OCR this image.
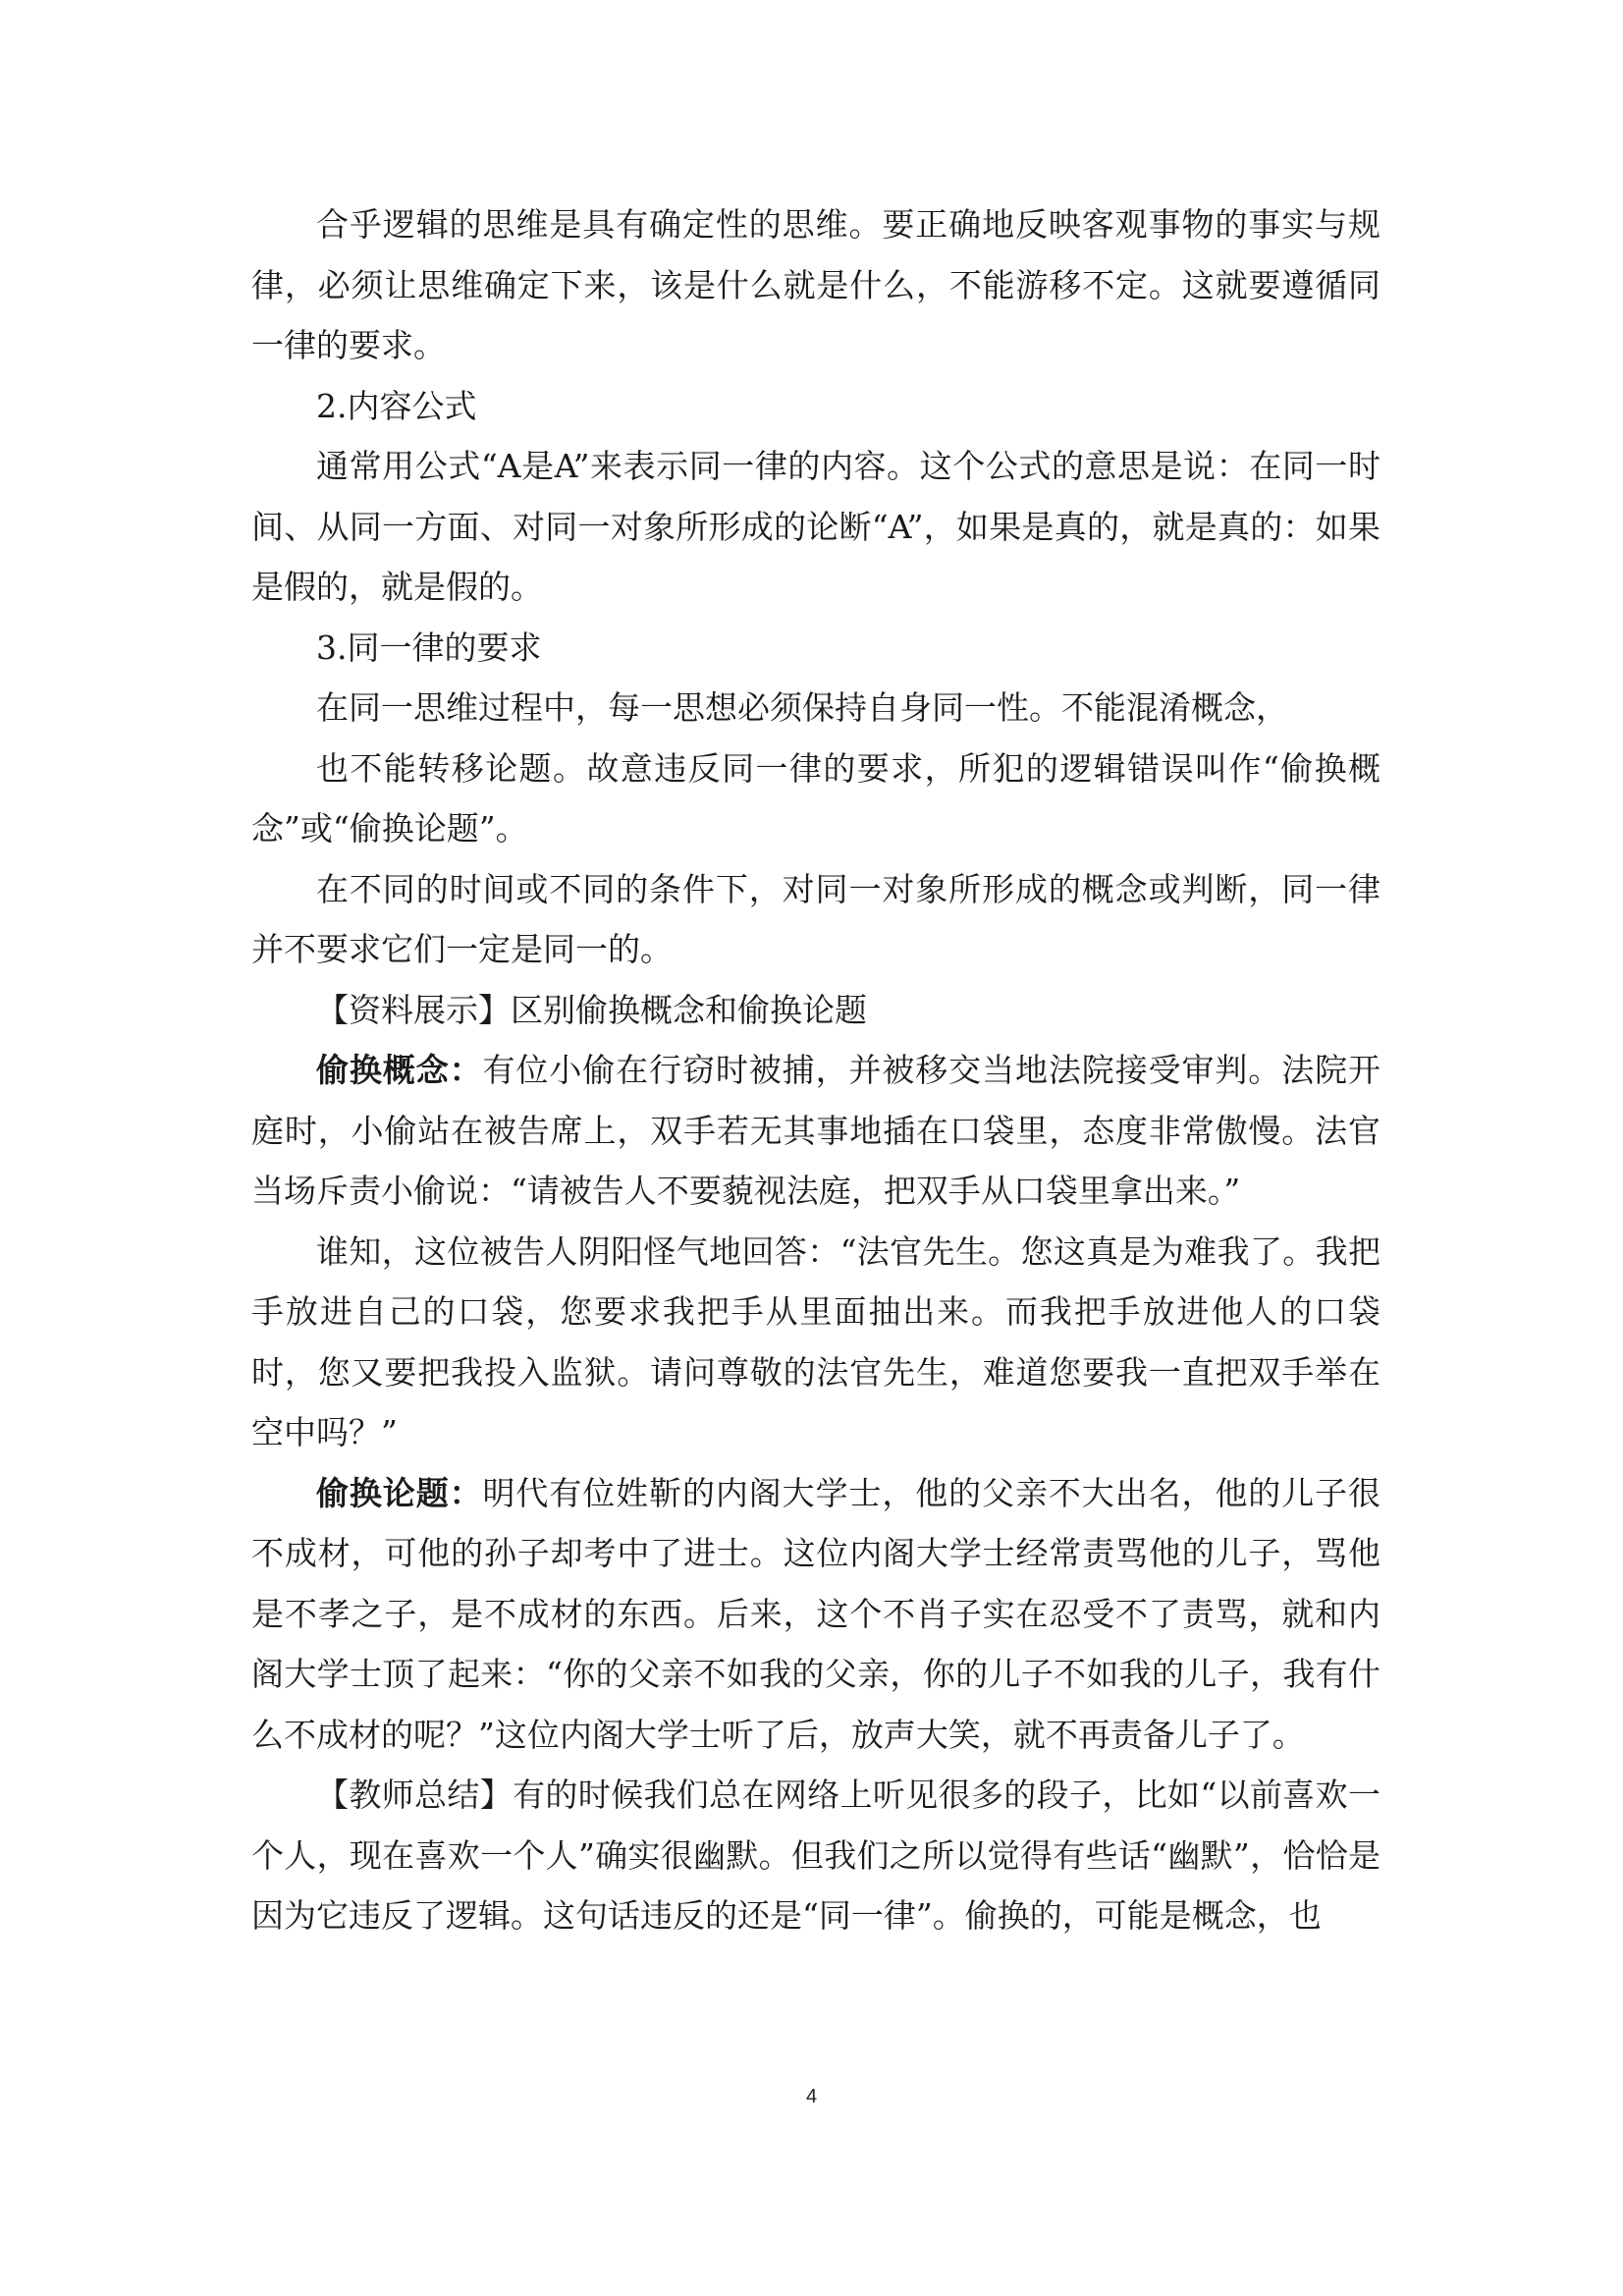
合乎逻辑的思维是具有确定性的思维。要正确地反映客观事物的事实与规律，必须让思维确定下来，该是什么就是什么，不能游移不定。这就要遵循同一律的要求。

2.内容公式

通常用公式“A是A”来表示同一律的内容。这个公式的意思是说：在同一时间、从同一方面、对同一对象所形成的论断“A”，如果是真的，就是真的：如果是假的，就是假的。

3.同一律的要求

在同一思维过程中，每一思想必须保持自身同一性。不能混淆概念，

也不能转移论题。故意违反同一律的要求，所犯的逻辑错误叫作“偷换概念”或“偷换论题”。

在不同的时间或不同的条件下，对同一对象所形成的概念或判断，同一律并不要求它们一定是同一的。

【资料展示】区别偷换概念和偷换论题

偷换概念：有位小偷在行窃时被捕，并被移交当地法院接受审判。法院开庭时，小偷站在被告席上，双手若无其事地插在口袋里，态度非常傲慢。法官当场斥责小偷说：“请被告人不要藐视法庭，把双手从口袋里拿出来。”

谁知，这位被告人阴阳怪气地回答：“法官先生。您这真是为难我了。我把手放进自己的口袋，您要求我把手从里面抽出来。而我把手放进他人的口袋时，您又要把我投入监狱。请问尊敬的法官先生，难道您要我一直把双手举在空中吗？”

偷换论题：明代有位姓靳的内阁大学士，他的父亲不大出名，他的儿子很不成材，可他的孙子却考中了进士。这位内阁大学士经常责骂他的儿子，骂他是不孝之子，是不成材的东西。后来，这个不肖子实在忍受不了责骂，就和内阁大学士顶了起来：“你的父亲不如我的父亲，你的儿子不如我的儿子，我有什么不成材的呢？”这位内阁大学士听了后，放声大笑，就不再责备儿子了。

【教师总结】有的时候我们总在网络上听见很多的段子，比如“以前喜欢一个人，现在喜欢一个人”确实很幽默。但我们之所以觉得有些话“幽默”，恰恰是因为它违反了逻辑。这句话违反的还是“同一律”。偷换的，可能是概念，也

4
